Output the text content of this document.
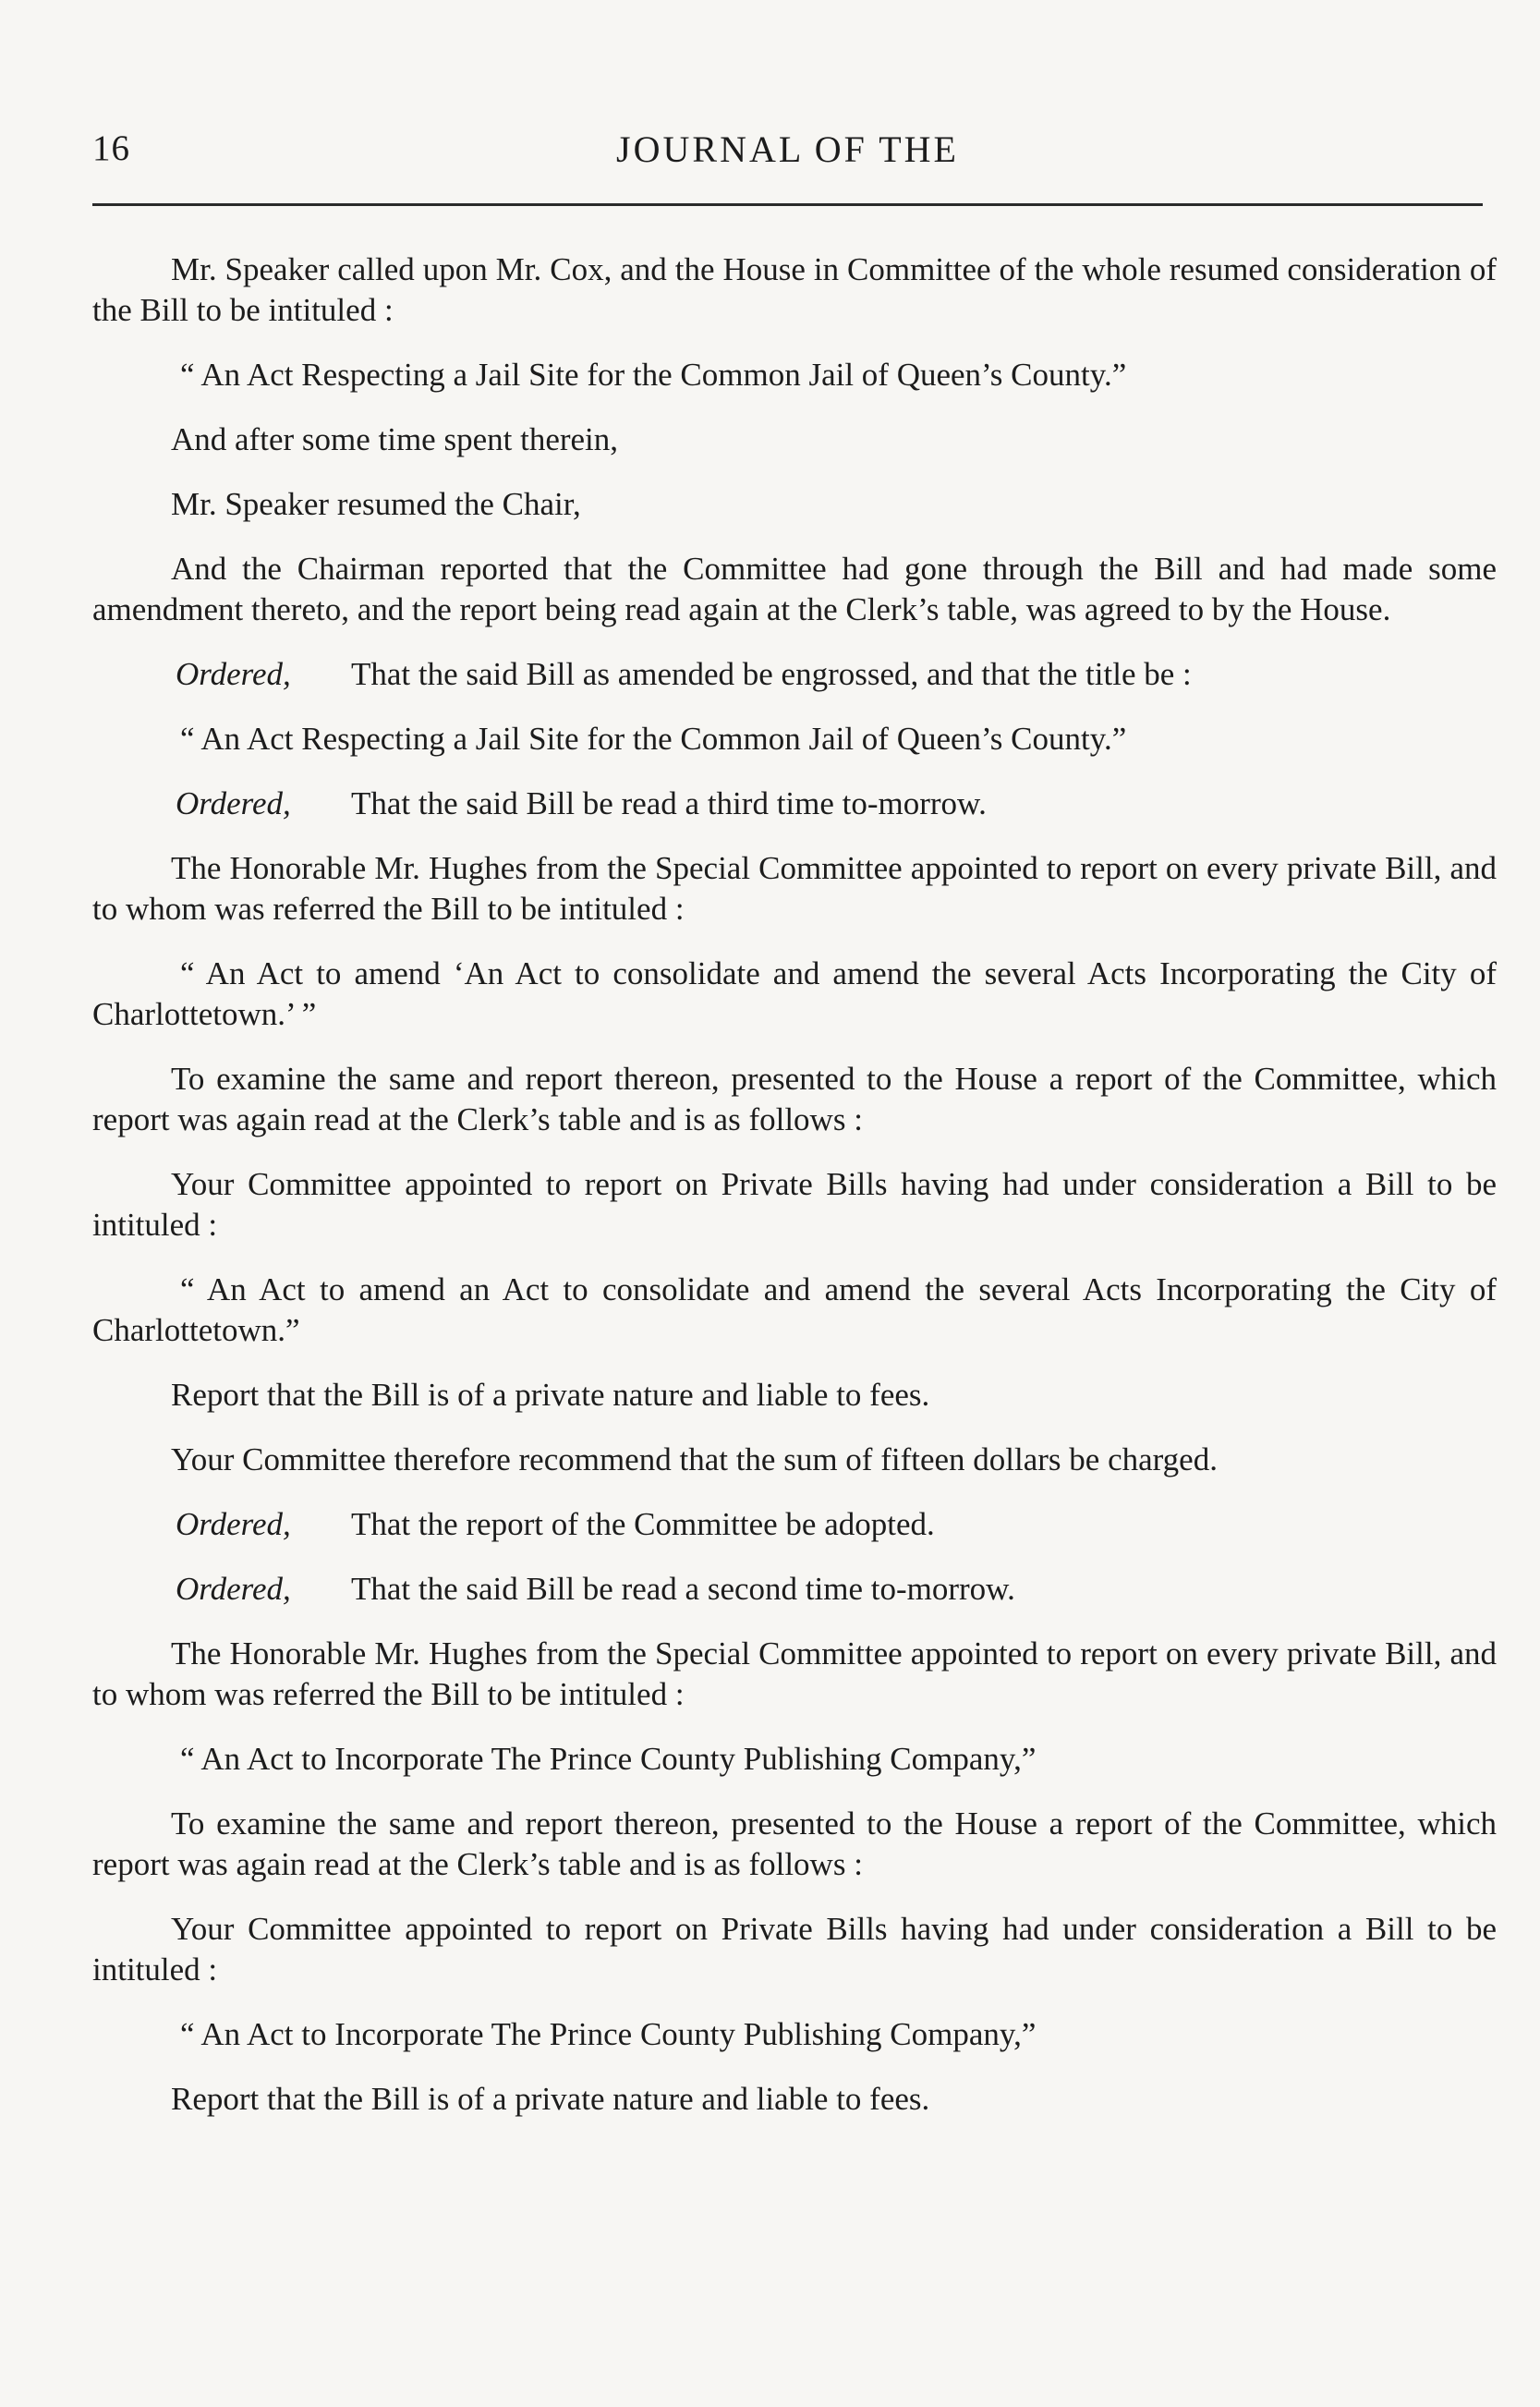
16	JOURNAL OF THE

Mr. Speaker called upon Mr. Cox, and the House in Committee of the whole resumed consideration of the Bill to be intituled :

“ An Act Respecting a Jail Site for the Common Jail of Queen’s County.”

And after some time spent therein,

Mr. Speaker resumed the Chair,

And the Chairman reported that the Committee had gone through the Bill and had made some amendment thereto, and the report being read again at the Clerk’s table, was agreed to by the House.

Ordered, That the said Bill as amended be engrossed, and that the title be :

“ An Act Respecting a Jail Site for the Common Jail of Queen’s County.”

Ordered, That the said Bill be read a third time to-morrow.

The Honorable Mr. Hughes from the Special Committee appointed to report on every private Bill, and to whom was referred the Bill to be intituled :

“ An Act to amend ‘An Act to consolidate and amend the several Acts Incorporating the City of Charlottetown.’ ”

To examine the same and report thereon, presented to the House a report of the Committee, which report was again read at the Clerk’s table and is as follows :

Your Committee appointed to report on Private Bills having had under consideration a Bill to be intituled :

“ An Act to amend an Act to consolidate and amend the several Acts Incorporating the City of Charlottetown.”

Report that the Bill is of a private nature and liable to fees.

Your Committee therefore recommend that the sum of fifteen dollars be charged.

Ordered, That the report of the Committee be adopted.

Ordered, That the said Bill be read a second time to-morrow.

The Honorable Mr. Hughes from the Special Committee appointed to report on every private Bill, and to whom was referred the Bill to be intituled :

“ An Act to Incorporate The Prince County Publishing Company,”

To examine the same and report thereon, presented to the House a report of the Committee, which report was again read at the Clerk’s table and is as follows :

Your Committee appointed to report on Private Bills having had under consideration a Bill to be intituled :

“ An Act to Incorporate The Prince County Publishing Company,”

Report that the Bill is of a private nature and liable to fees.
